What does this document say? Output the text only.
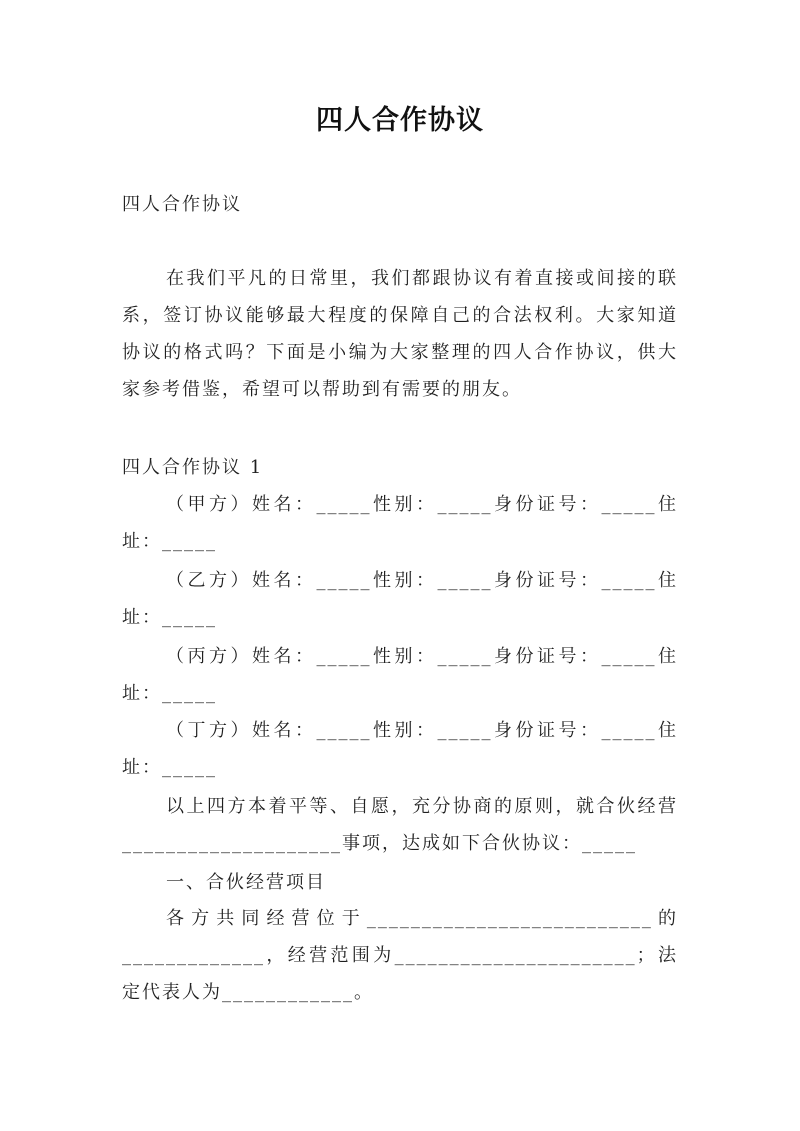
四人合作协议

四人合作协议

在我们平凡的日常里，我们都跟协议有着直接或间接的联系，签订协议能够最大程度的保障自己的合法权利。大家知道协议的格式吗？下面是小编为大家整理的四人合作协议，供大家参考借鉴，希望可以帮助到有需要的朋友。

四人合作协议 1

（甲方）姓名：_____性别：_____身份证号：_____住址：_____

（乙方）姓名：_____性别：_____身份证号：_____住址：_____

（丙方）姓名：_____性别：_____身份证号：_____住址：_____

（丁方）姓名：_____性别：_____身份证号：_____住址：_____

以上四方本着平等、自愿，充分协商的原则，就合伙经营____________________事项，达成如下合伙协议：_____

一、合伙经营项目

各方共同经营位于__________________________的_____________，经营范围为______________________；法定代表人为____________。
